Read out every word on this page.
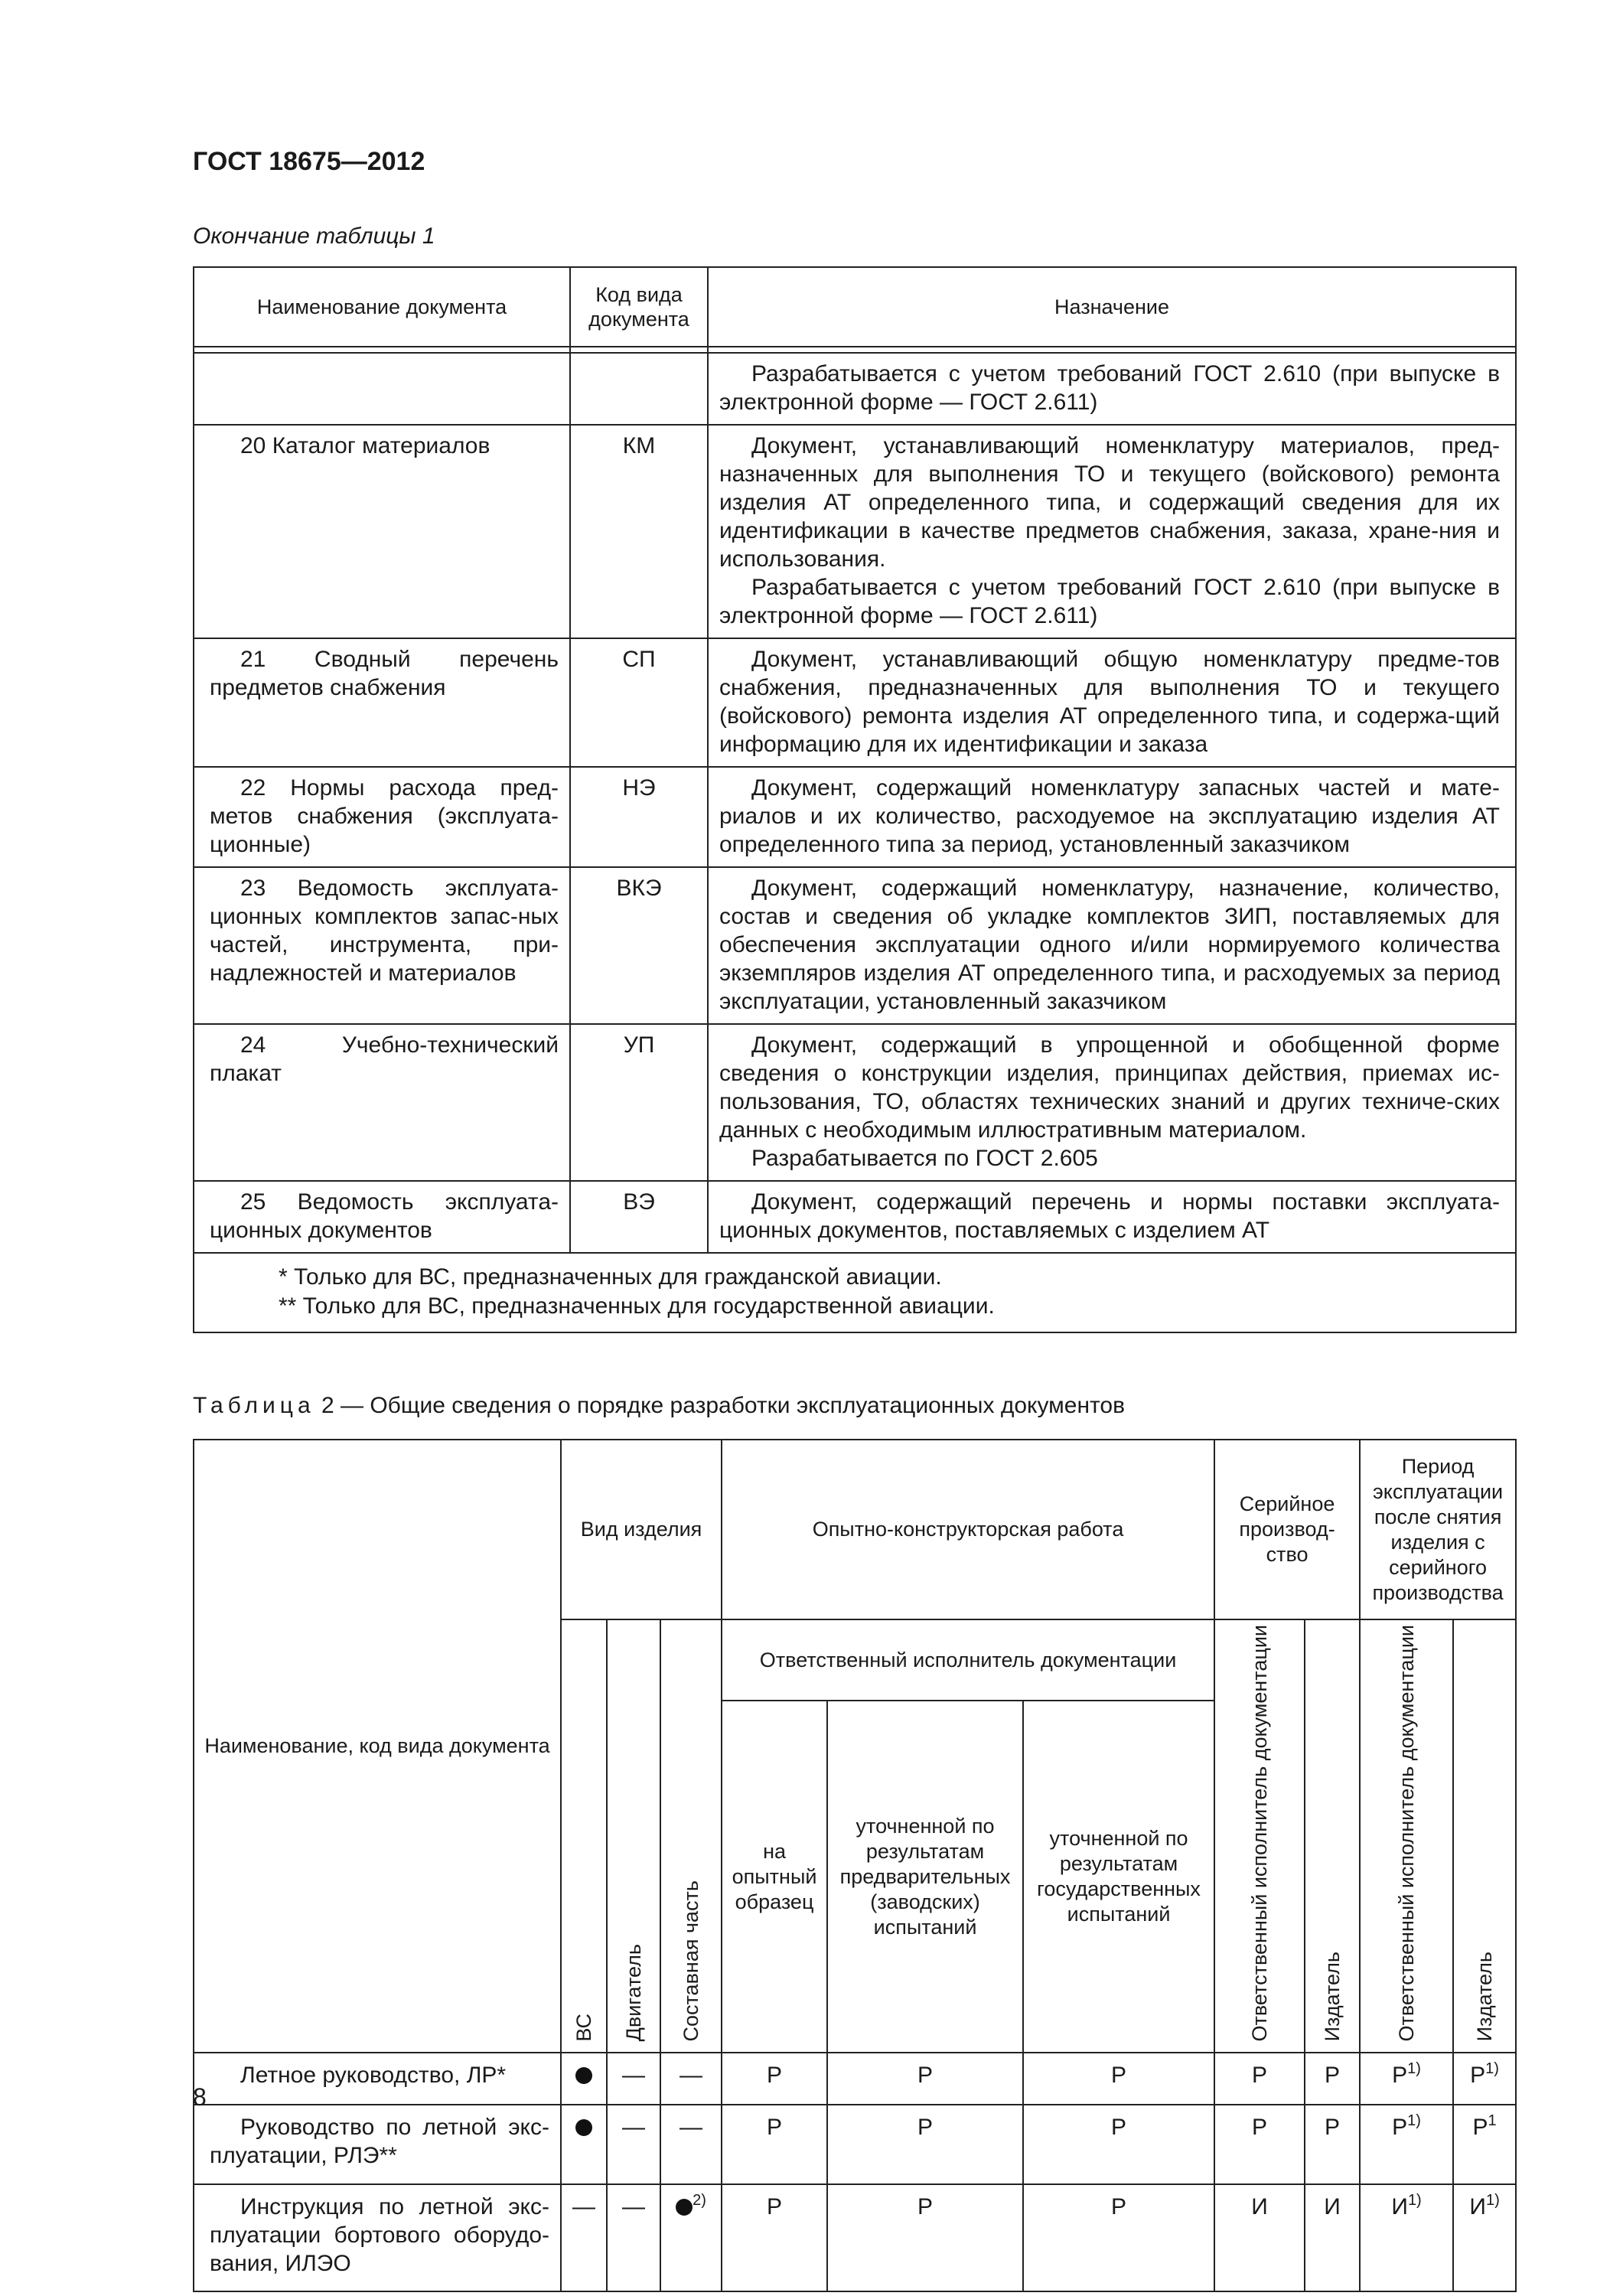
ГОСТ 18675—2012
Окончание таблицы 1
Наименование документа	Код вида документа	Назначение

		Разрабатывается с учетом требований ГОСТ 2.610 (при выпуске в электронной форме — ГОСТ 2.611)

20 Каталог материалов	КМ	Документ, устанавливающий номенклатуру материалов, пред-назначенных для выполнения ТО и текущего (войскового) ремонта изделия АТ определенного типа, и содержащий сведения для их идентификации в качестве предметов снабжения, заказа, хране-ния и использования.

Разрабатывается с учетом требований ГОСТ 2.610 (при выпуске в электронной форме — ГОСТ 2.611)

21 Сводный перечень предметов снабжения	СП	Документ, устанавливающий общую номенклатуру предме-тов снабжения, предназначенных для выполнения ТО и текущего (войскового) ремонта изделия АТ определенного типа, и содержа-щий информацию для их идентификации и заказа

22 Нормы расхода пред-метов снабжения (эксплуата-ционные)	НЭ	Документ, содержащий номенклатуру запасных частей и мате-риалов и их количество, расходуемое на эксплуатацию изделия АТ определенного типа за период, установленный заказчиком

23 Ведомость эксплуата-ционных комплектов запас-ных частей, инструмента, при-надлежностей и материалов	ВКЭ	Документ, содержащий номенклатуру, назначение, количество, состав и сведения об укладке комплектов ЗИП, поставляемых для обеспечения эксплуатации одного и/или нормируемого количества экземпляров изделия АТ определенного типа, и расходуемых за период эксплуатации, установленный заказчиком

24 Учебно-технический плакат	УП	Документ, содержащий в упрощенной и обобщенной форме сведения о конструкции изделия, принципах действия, приемах ис-пользования, ТО, областях технических знаний и других техниче-ских данных с необходимым иллюстративным материалом.

Разрабатывается по ГОСТ 2.605

25 Ведомость эксплуата-ционных документов	ВЭ	Документ, содержащий перечень и нормы поставки эксплуата-ционных документов, поставляемых с изделием АТ

* Только для ВС, предназначенных для гражданской авиации.

** Только для ВС, предназначенных для государственной авиации.		

Таблица 2 — Общие сведения о порядке разработки эксплуатационных документов
Наименование, код вида документа	Вид изделия			Опытно-конструкторская работа			Серийное производ-ство		Период эксплуатации после снятия изделия с серийного производства	
	ВС	Двигатель	Составная часть	Ответственный исполнитель документации			Ответственный исполнитель документации	Издатель	Ответственный исполнитель документации	Издатель
				на опытный образец	уточненной по результатам предварительных (заводских) испытаний	уточненной по результатам государственных испытаний				
Летное руководство, ЛР*		—	—	Р	Р	Р	Р	Р	$Р^{1)}$	$Р^{1)}$
Руководство по летной экс-плуатации, РЛЭ**		—	—	Р	Р	Р	Р	Р	$Р^{1)}$	$Р^1$
Инструкция по летной экс-плуатации бортового оборудо-вания, ИЛЭО	—	—	$^{2)}$	Р	Р	Р	И	И	$И^{1)}$	$И^{1)}$
8
